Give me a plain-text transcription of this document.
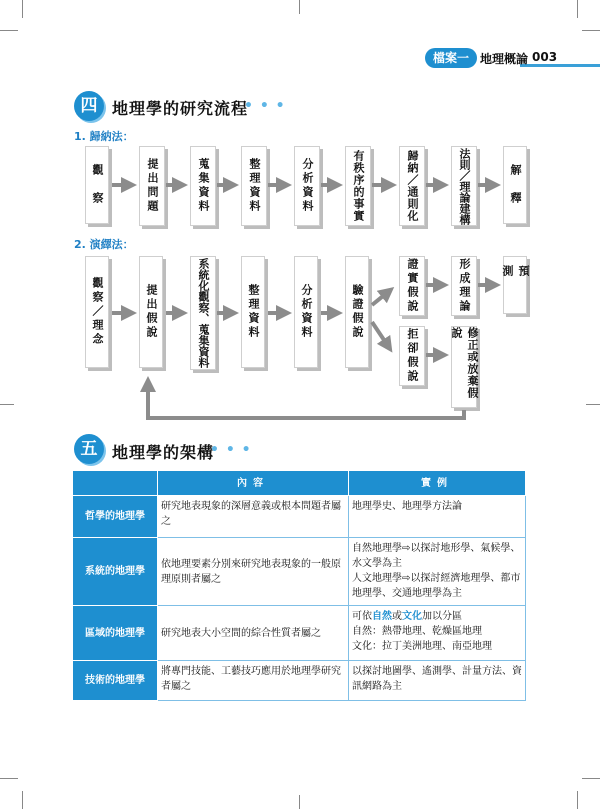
檔案一 地理概論 003
四 地理學的研究流程
• • •
1. 歸納法：
觀　察	提出問題	蒐集資料	整理資料	分析資料	有秩序的事實	歸納／通則化	法則／理論建構	解　釋
2. 演繹法：
觀察／理念	提出假說	系統化觀察、蒐集資料	整理資料	分析資料	驗證假說	證實假說
拒卻假說
形成理論	預　測
修正或放棄假說
五 地理學的架構
• • •
	內容	實例
哲學的地理學	研究地表現象的深層意義或根本問題者屬之	地理學史、地理學方法論

系統的地理學	依地理要素分別來研究地表現象的一般原理原則者屬之	自然地理學⇨以探討地形學、氣候學、水文學為主
人文地理學⇨以探討經濟地理學、都市地理學、交通地理學為主

區域的地理學	研究地表大小空間的綜合性質者屬之	可依自然或文化加以分區
自然：熱帶地理、乾燥區地理
文化：拉丁美洲地理、南亞地理

技術的地理學	將專門技能、工藝技巧應用於地理學研究者屬之	以探討地圖學、遙測學、計量方法、資訊網路為主
